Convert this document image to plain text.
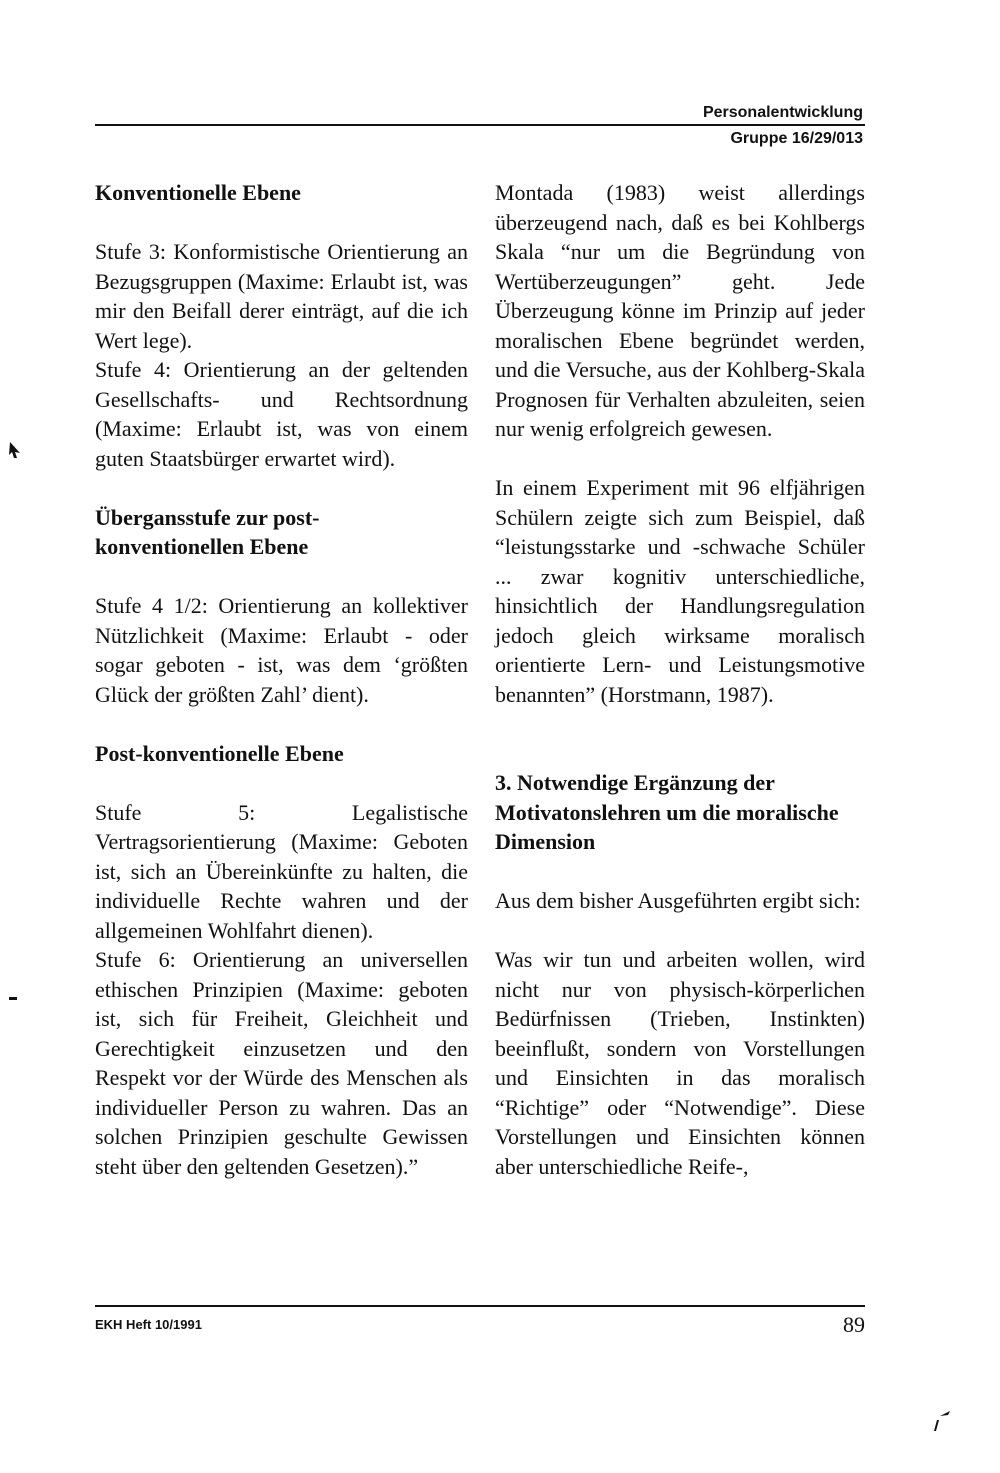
Personalentwicklung
Gruppe 16/29/013

Konventionelle Ebene

Stufe 3: Konformistische Orientierung an Bezugsgruppen (Maxime: Erlaubt ist, was mir den Beifall derer einträgt, auf die ich Wert lege).

Stufe 4: Orientierung an der geltenden Gesellschafts- und Rechtsordnung (Maxime: Erlaubt ist, was von einem guten Staatsbürger erwartet wird).

Übergansstufe zur post-konventionellen Ebene

Stufe 4 1/2: Orientierung an kollektiver Nützlichkeit (Maxime: Erlaubt - oder sogar geboten - ist, was dem ‘größten Glück der größten Zahl’ dient).

Post-konventionelle Ebene

Stufe 5: Legalistische Vertragsorientierung (Maxime: Geboten ist, sich an Übereinkünfte zu halten, die individuelle Rechte wahren und der allgemeinen Wohlfahrt dienen).

Stufe 6: Orientierung an universellen ethischen Prinzipien (Maxime: geboten ist, sich für Freiheit, Gleichheit und Gerechtigkeit einzusetzen und den Respekt vor der Würde des Menschen als individueller Person zu wahren. Das an solchen Prinzipien geschulte Gewissen steht über den geltenden Gesetzen).”

Montada (1983) weist allerdings überzeugend nach, daß es bei Kohlbergs Skala “nur um die Begründung von Wertüberzeugungen” geht. Jede Überzeugung könne im Prinzip auf jeder moralischen Ebene begründet werden, und die Versuche, aus der Kohlberg-Skala Prognosen für Verhalten abzuleiten, seien nur wenig erfolgreich gewesen.

In einem Experiment mit 96 elfjährigen Schülern zeigte sich zum Beispiel, daß “leistungsstarke und -schwache Schüler ... zwar kognitiv unterschiedliche, hinsichtlich der Handlungsregulation jedoch gleich wirksame moralisch orientierte Lern- und Leistungsmotive benannten” (Horstmann, 1987).

3. Notwendige Ergänzung der Motivatonslehren um die moralische Dimension

Aus dem bisher Ausgeführten ergibt sich:

Was wir tun und arbeiten wollen, wird nicht nur von physisch-körperlichen Bedürfnissen (Trieben, Instinkten) beeinflußt, sondern von Vorstellungen und Einsichten in das moralisch “Richtige” oder “Notwendige”. Diese Vorstellungen und Einsichten können aber unterschiedliche Reife-,

EKH Heft 10/1991	89
